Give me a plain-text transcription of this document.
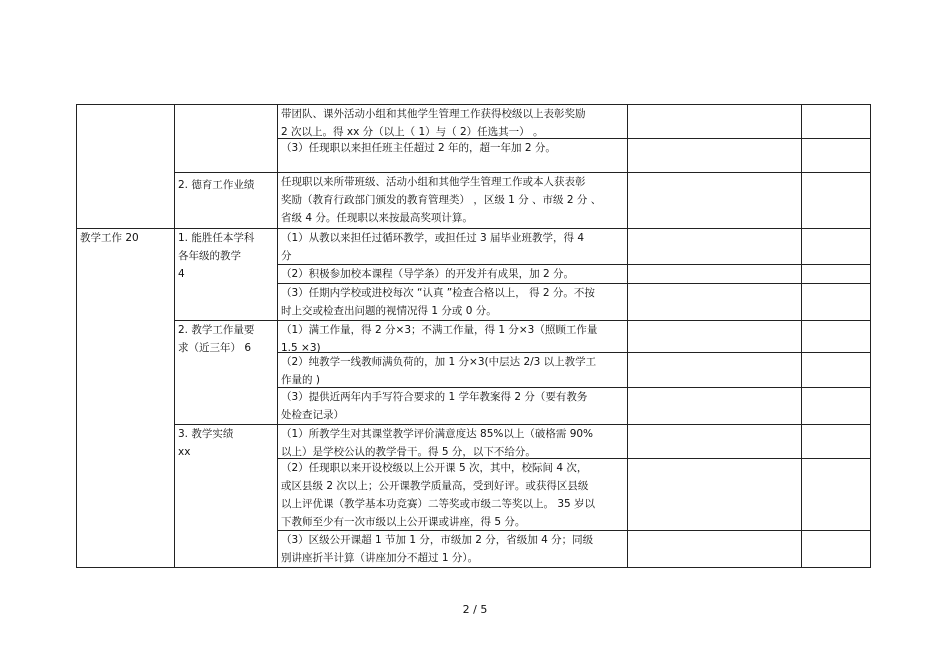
教学工作 20
2. 德育工作业绩
1. 能胜任本学科
各年级的教学
4
2. 教学工作量要
求（近三年） 6
3. 教学实绩
xx
带团队、课外活动小组和其他学生管理工作获得校级以上表彰奖励
2 次以上。得 xx 分（以上（ 1）与（ 2）任选其一） 。
（3）任现职以来担任班主任超过 2 年的，超一年加 2 分。
任现职以来所带班级、活动小组和其他学生管理工作或本人获表彰
奖励（教育行政部门颁发的教育管理类） ，区级 1 分 、市级 2 分 、
省级 4 分。任现职以来按最高奖项计算。
（1）从教以来担任过循环教学，或担任过 3 届毕业班教学，得 4
分
（2）积极参加校本课程（导学条）的开发并有成果，加 2 分。
（3）任期内学校或进校每次 “认真 ”检查合格以上， 得 2 分。不按
时上交或检查出问题的视情况得 1 分或 0 分。
（1）满工作量，得 2 分×3；不满工作量，得 1 分×3（照顾工作量
1.5 ×3)
（2）纯教学一线教师满负荷的，加 1 分×3(中层达 2/3 以上教学工
作量的 )
（3）提供近两年内手写符合要求的 1 学年教案得 2 分（要有教务
处检查记录）
（1）所教学生对其课堂教学评价满意度达 85%以上（破格需 90%
以上）是学校公认的教学骨干。得 5 分，以下不给分。
（2）任现职以来开设校级以上公开课 5 次，其中，校际间 4 次，
或区县级 2 次以上；公开课教学质量高，受到好评。或获得区县级
以上评优课（教学基本功竞赛）二等奖或市级二等奖以上。 35 岁以
下教师至少有一次市级以上公开课或讲座，得 5 分。
（3）区级公开课超 1 节加 1 分，市级加 2 分，省级加 4 分；同级
别讲座折半计算（讲座加分不超过 1 分）。
2 / 5
